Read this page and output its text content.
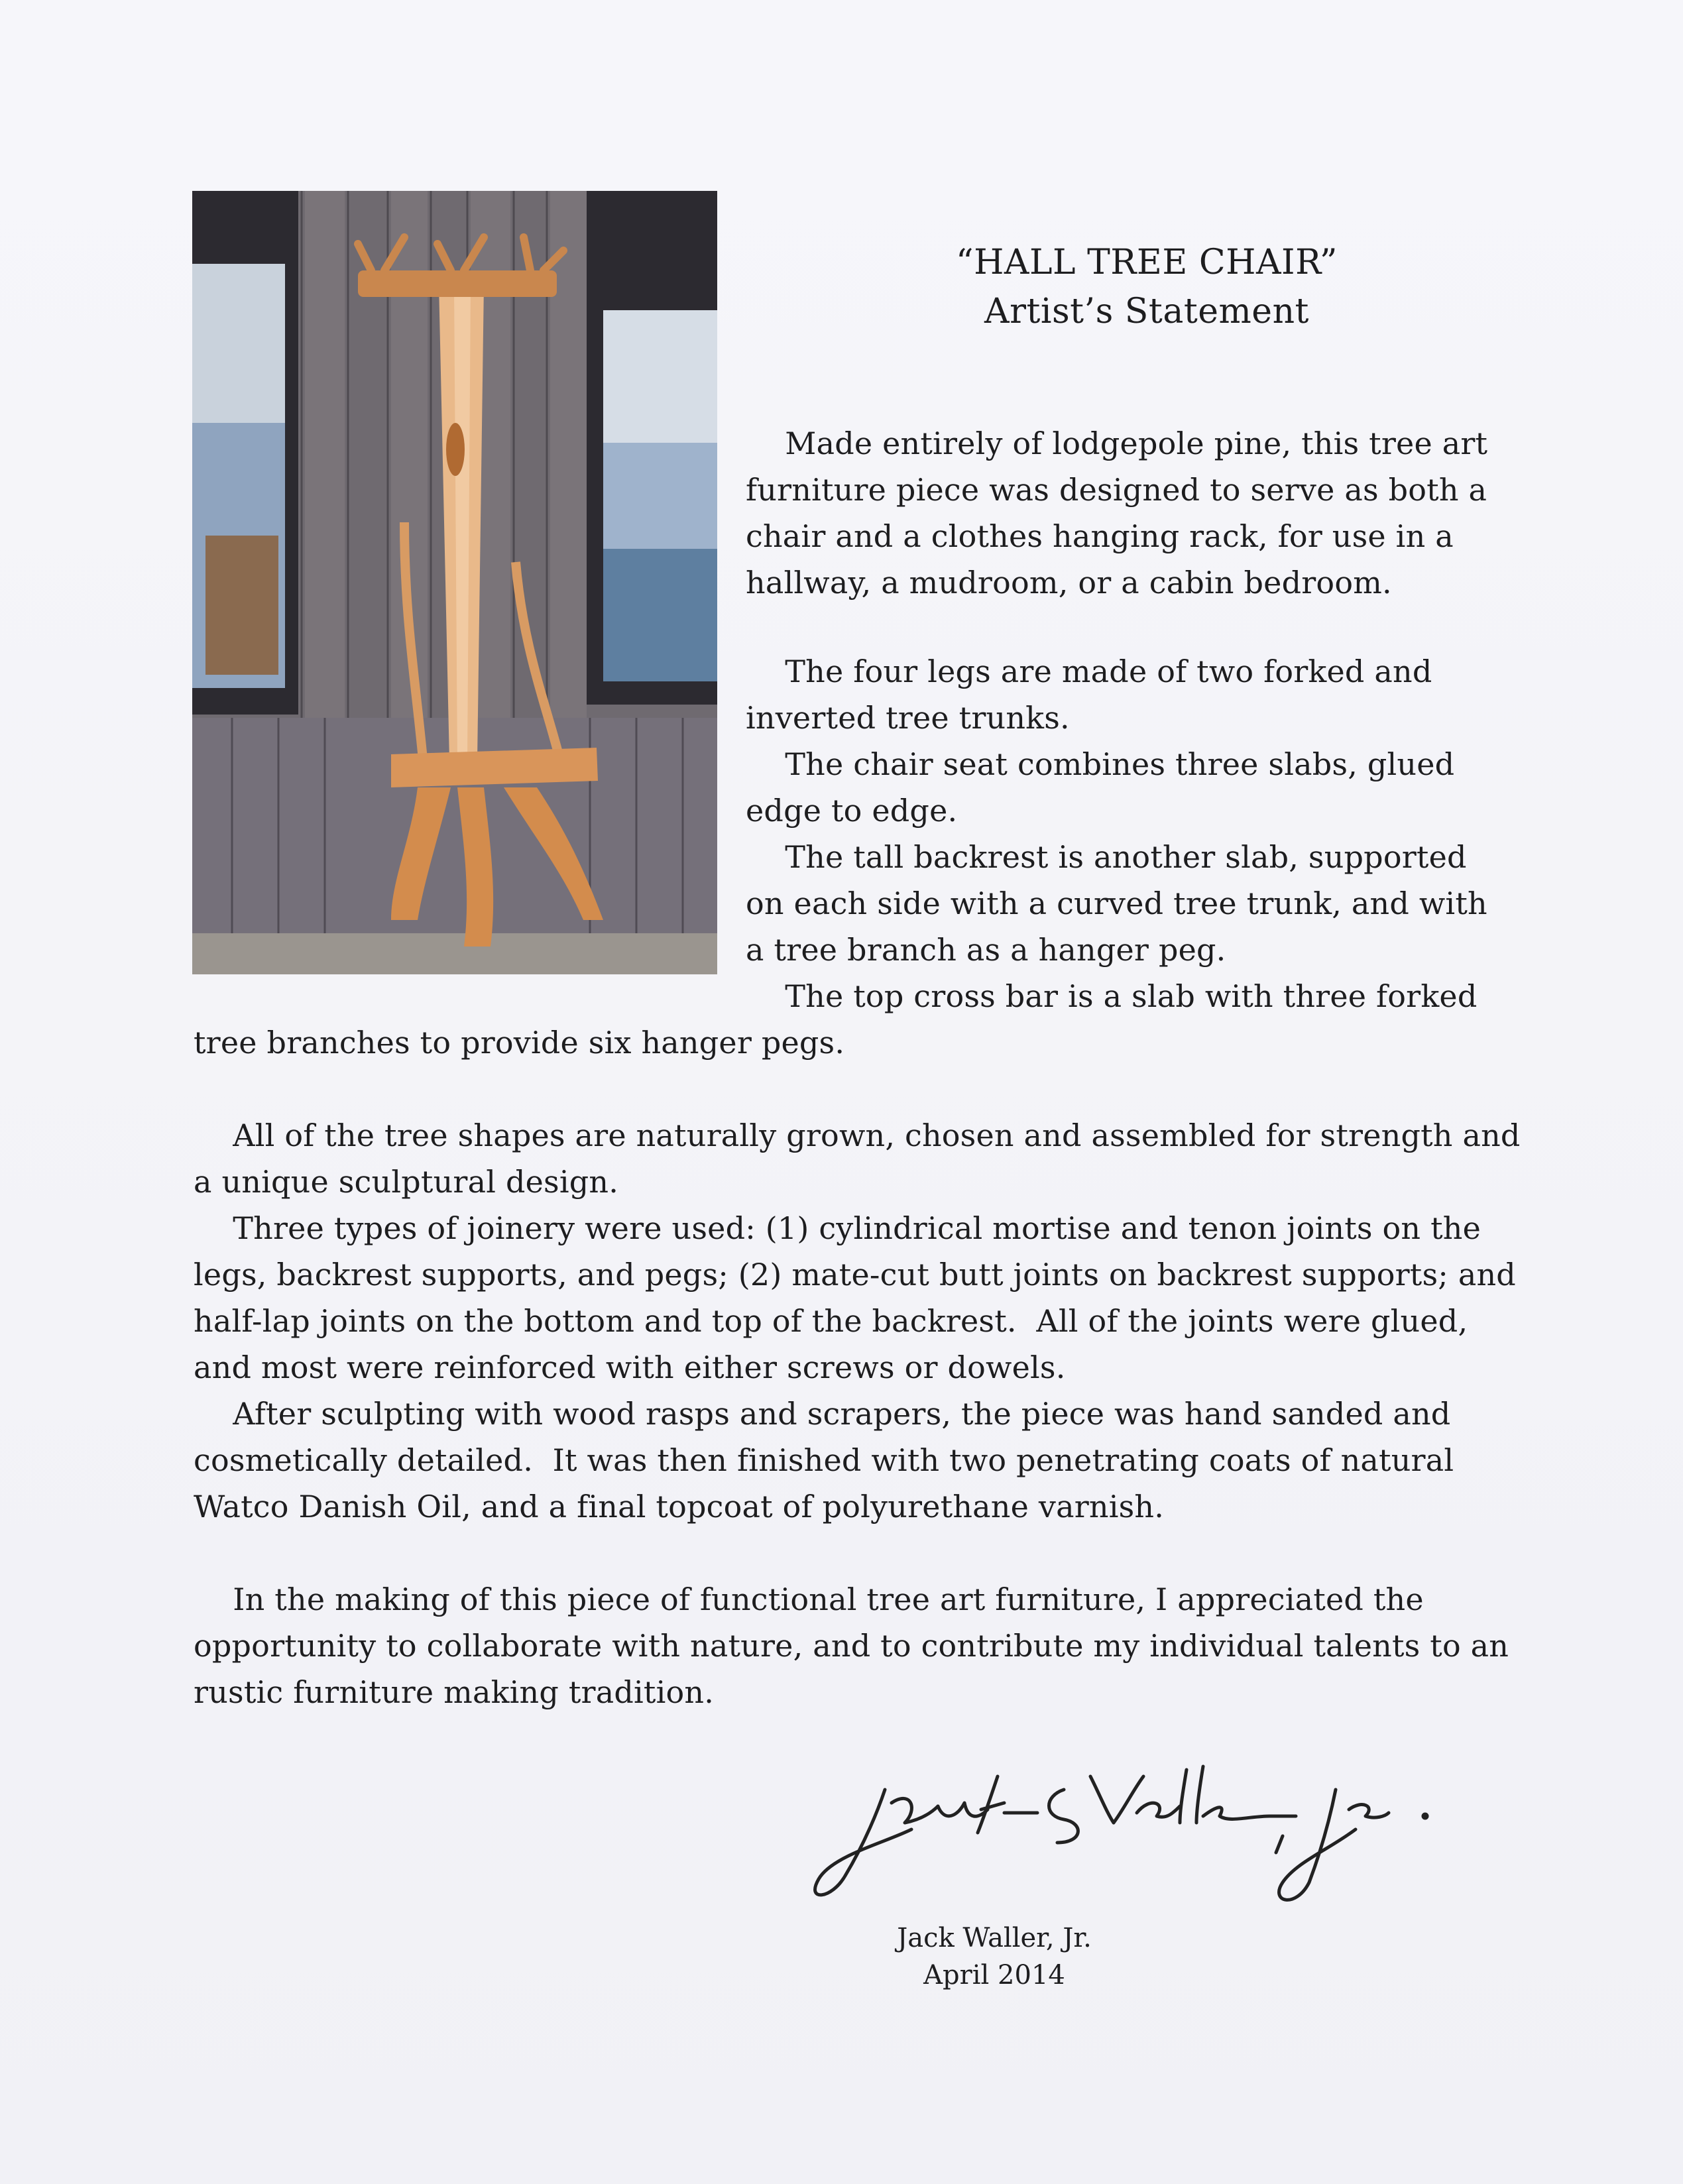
“HALL TREE CHAIR”
Artist’s Statement

Made entirely of lodgepole pine, this tree art
furniture piece was designed to serve as both a
chair and a clothes hanging rack, for use in a
hallway, a mudroom, or a cabin bedroom.

The four legs are made of two forked and
inverted tree trunks.
The chair seat combines three slabs, glued
edge to edge.
The tall backrest is another slab, supported
on each side with a curved tree trunk, and with
a tree branch as a hanger peg.

The top cross bar is a slab with three forked

tree branches to provide six hanger pegs.

All of the tree shapes are naturally grown, chosen and assembled for strength and
a unique sculptural design.
Three types of joinery were used: (1) cylindrical mortise and tenon joints on the
legs, backrest supports, and pegs; (2) mate-cut butt joints on backrest supports; and
half-lap joints on the bottom and top of the backrest.  All of the joints were glued,
and most were reinforced with either screws or dowels.
After sculpting with wood rasps and scrapers, the piece was hand sanded and
cosmetically detailed.  It was then finished with two penetrating coats of natural
Watco Danish Oil, and a final topcoat of polyurethane varnish.

In the making of this piece of functional tree art furniture, I appreciated the
opportunity to collaborate with nature, and to contribute my individual talents to an
rustic furniture making tradition.

Jack Waller, Jr.
April 2014
